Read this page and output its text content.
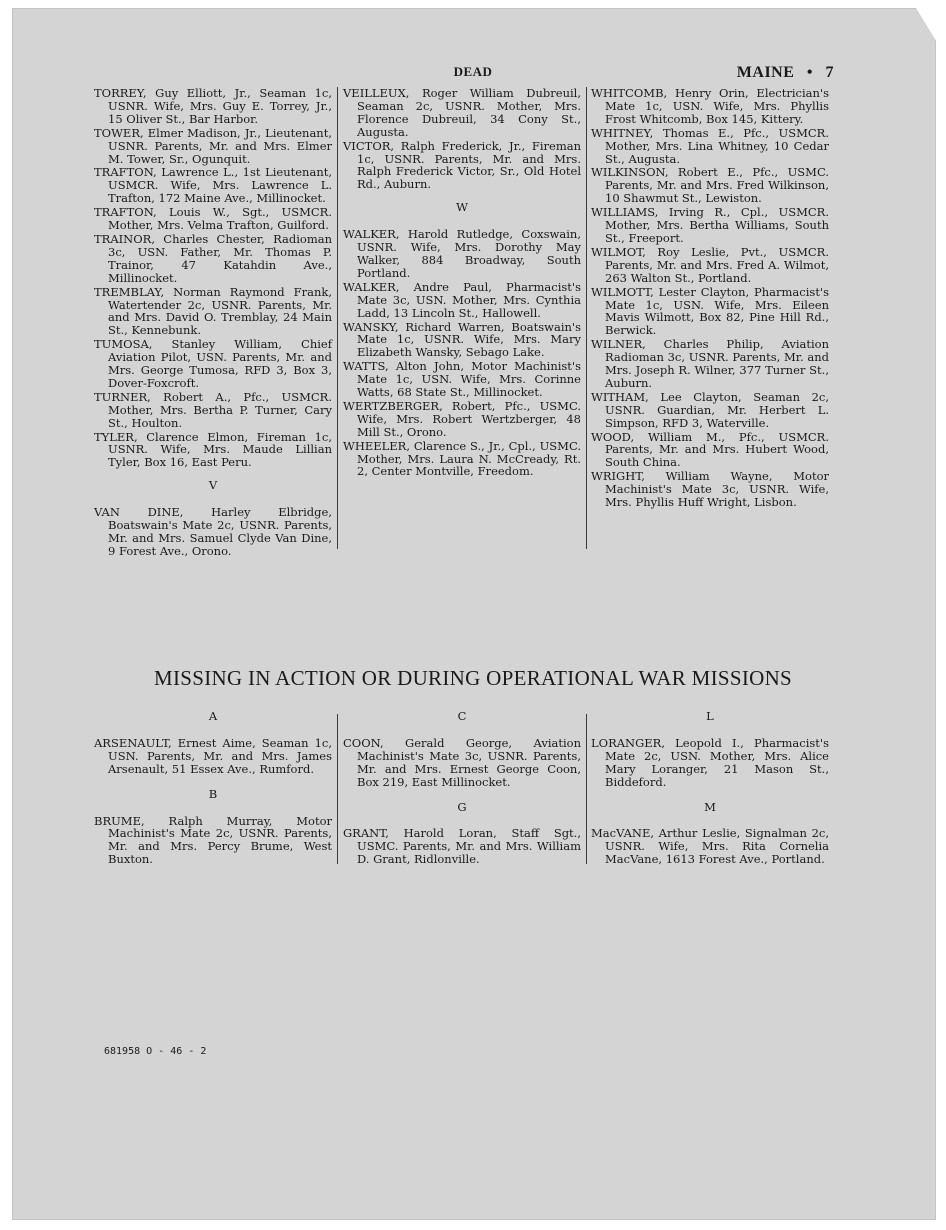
DEAD	MAINE • 7
TORREY, Guy Elliott, Jr., Seaman 1c, USNR. Wife, Mrs. Guy E. Torrey, Jr., 15 Oliver St., Bar Harbor.
TOWER, Elmer Madison, Jr., Lieutenant, USNR. Parents, Mr. and Mrs. Elmer M. Tower, Sr., Ogunquit.
TRAFTON, Lawrence L., 1st Lieutenant, USMCR. Wife, Mrs. Lawrence L. Trafton, 172 Maine Ave., Millinocket.
TRAFTON, Louis W., Sgt., USMCR. Mother, Mrs. Velma Trafton, Guilford.
TRAINOR, Charles Chester, Radioman 3c, USN. Father, Mr. Thomas P. Trainor, 47 Katahdin Ave., Millinocket.
TREMBLAY, Norman Raymond Frank, Watertender 2c, USNR. Parents, Mr. and Mrs. David O. Tremblay, 24 Main St., Kennebunk.
TUMOSA, Stanley William, Chief Aviation Pilot, USN. Parents, Mr. and Mrs. George Tumosa, RFD 3, Box 3, Dover-Foxcroft.
TURNER, Robert A., Pfc., USMCR. Mother, Mrs. Bertha P. Turner, Cary St., Houlton.
TYLER, Clarence Elmon, Fireman 1c, USNR. Wife, Mrs. Maude Lillian Tyler, Box 16, East Peru.
V
VAN DINE, Harley Elbridge, Boatswain's Mate 2c, USNR. Parents, Mr. and Mrs. Samuel Clyde Van Dine, 9 Forest Ave., Orono.
VEILLEUX, Roger William Dubreuil, Seaman 2c, USNR. Mother, Mrs. Florence Dubreuil, 34 Cony St., Augusta.
VICTOR, Ralph Frederick, Jr., Fireman 1c, USNR. Parents, Mr. and Mrs. Ralph Frederick Victor, Sr., Old Hotel Rd., Auburn.
W
WALKER, Harold Rutledge, Coxswain, USNR. Wife, Mrs. Dorothy May Walker, 884 Broadway, South Portland.
WALKER, Andre Paul, Pharmacist's Mate 3c, USN. Mother, Mrs. Cynthia Ladd, 13 Lincoln St., Hallowell.
WANSKY, Richard Warren, Boatswain's Mate 1c, USNR. Wife, Mrs. Mary Elizabeth Wansky, Sebago Lake.
WATTS, Alton John, Motor Machinist's Mate 1c, USN. Wife, Mrs. Corinne Watts, 68 State St., Millinocket.
WERTZBERGER, Robert, Pfc., USMC. Wife, Mrs. Robert Wertzberger, 48 Mill St., Orono.
WHEELER, Clarence S., Jr., Cpl., USMC. Mother, Mrs. Laura N. McCready, Rt. 2, Center Montville, Freedom.
WHITCOMB, Henry Orin, Electrician's Mate 1c, USN. Wife, Mrs. Phyllis Frost Whitcomb, Box 145, Kittery.
WHITNEY, Thomas E., Pfc., USMCR. Mother, Mrs. Lina Whitney, 10 Cedar St., Augusta.
WILKINSON, Robert E., Pfc., USMC. Parents, Mr. and Mrs. Fred Wilkinson, 10 Shawmut St., Lewiston.
WILLIAMS, Irving R., Cpl., USMCR. Mother, Mrs. Bertha Williams, South St., Freeport.
WILMOT, Roy Leslie, Pvt., USMCR. Parents, Mr. and Mrs. Fred A. Wilmot, 263 Walton St., Portland.
WILMOTT, Lester Clayton, Pharmacist's Mate 1c, USN. Wife, Mrs. Eileen Mavis Wilmott, Box 82, Pine Hill Rd., Berwick.
WILNER, Charles Philip, Aviation Radioman 3c, USNR. Parents, Mr. and Mrs. Joseph R. Wilner, 377 Turner St., Auburn.
WITHAM, Lee Clayton, Seaman 2c, USNR. Guardian, Mr. Herbert L. Simpson, RFD 3, Waterville.
WOOD, William M., Pfc., USMCR. Parents, Mr. and Mrs. Hubert Wood, South China.
WRIGHT, William Wayne, Motor Machinist's Mate 3c, USNR. Wife, Mrs. Phyllis Huff Wright, Lisbon.
MISSING IN ACTION OR DURING OPERATIONAL WAR MISSIONS
A
ARSENAULT, Ernest Aime, Seaman 1c, USN. Parents, Mr. and Mrs. James Arsenault, 51 Essex Ave., Rumford.
B
BRUME, Ralph Murray, Motor Machinist's Mate 2c, USNR. Parents, Mr. and Mrs. Percy Brume, West Buxton.
C
COON, Gerald George, Aviation Machinist's Mate 3c, USNR. Parents, Mr. and Mrs. Ernest George Coon, Box 219, East Millinocket.
G
GRANT, Harold Loran, Staff Sgt., USMC. Parents, Mr. and Mrs. William D. Grant, Ridlonville.
L
LORANGER, Leopold I., Pharmacist's Mate 2c, USN. Mother, Mrs. Alice Mary Loranger, 21 Mason St., Biddeford.
M
MacVANE, Arthur Leslie, Signalman 2c, USNR. Wife, Mrs. Rita Cornelia MacVane, 1613 Forest Ave., Portland.
681958 O - 46 - 2
